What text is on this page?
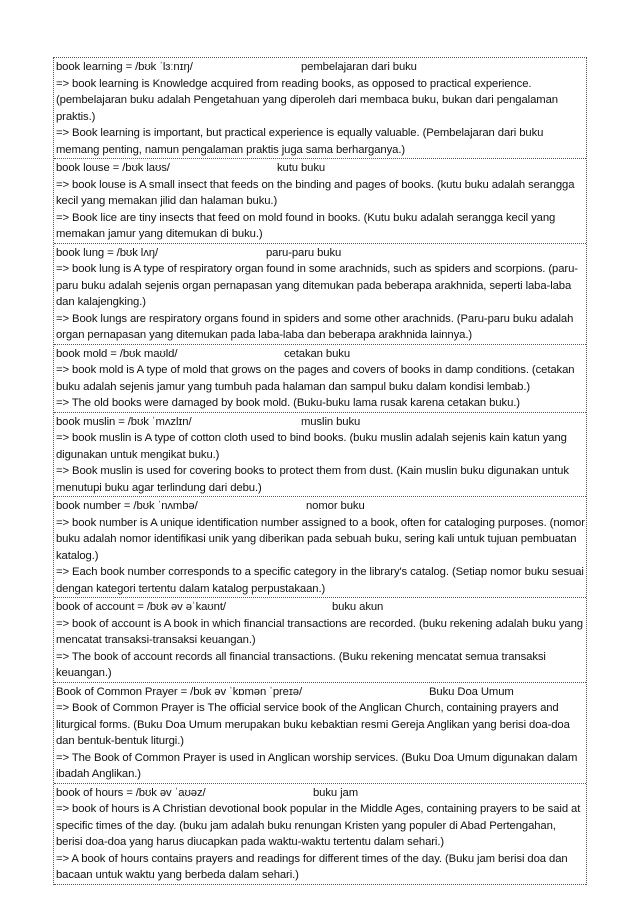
book learning = /bʊk ˈlɜːnɪŋ/	pembelajaran dari buku
=> book learning is Knowledge acquired from reading books, as opposed to practical experience. (pembelajaran buku adalah Pengetahuan yang diperoleh dari membaca buku, bukan dari pengalaman praktis.)
=> Book learning is important, but practical experience is equally valuable. (Pembelajaran dari buku memang penting, namun pengalaman praktis juga sama berharganya.)
book louse = /bʊk laʊs/	kutu buku
=> book louse is A small insect that feeds on the binding and pages of books. (kutu buku adalah serangga kecil yang memakan jilid dan halaman buku.)
=> Book lice are tiny insects that feed on mold found in books. (Kutu buku adalah serangga kecil yang memakan jamur yang ditemukan di buku.)
book lung = /bʊk lʌŋ/	paru-paru buku
=> book lung is A type of respiratory organ found in some arachnids, such as spiders and scorpions. (paru-paru buku adalah sejenis organ pernapasan yang ditemukan pada beberapa arakhnida, seperti laba-laba dan kalajengking.)
=> Book lungs are respiratory organs found in spiders and some other arachnids. (Paru-paru buku adalah organ pernapasan yang ditemukan pada laba-laba dan beberapa arakhnida lainnya.)
book mold = /bʊk maʊld/	cetakan buku
=> book mold is A type of mold that grows on the pages and covers of books in damp conditions. (cetakan buku adalah sejenis jamur yang tumbuh pada halaman dan sampul buku dalam kondisi lembab.)
=> The old books were damaged by book mold. (Buku-buku lama rusak karena cetakan buku.)
book muslin = /bʊk ˈmʌzlɪn/	muslin buku
=> book muslin is A type of cotton cloth used to bind books. (buku muslin adalah sejenis kain katun yang digunakan untuk mengikat buku.)
=> Book muslin is used for covering books to protect them from dust. (Kain muslin buku digunakan untuk menutupi buku agar terlindung dari debu.)
book number = /bʊk ˈnʌmbə/	nomor buku
=> book number is A unique identification number assigned to a book, often for cataloging purposes. (nomor buku adalah nomor identifikasi unik yang diberikan pada sebuah buku, sering kali untuk tujuan pembuatan katalog.)
=> Each book number corresponds to a specific category in the library's catalog. (Setiap nomor buku sesuai dengan kategori tertentu dalam katalog perpustakaan.)
book of account = /bʊk əv əˈkaʊnt/	buku akun
=> book of account is A book in which financial transactions are recorded. (buku rekening adalah buku yang mencatat transaksi-transaksi keuangan.)
=> The book of account records all financial transactions. (Buku rekening mencatat semua transaksi keuangan.)
Book of Common Prayer = /bʊk əv ˈkɒmən ˈpreɪə/	Buku Doa Umum
=> Book of Common Prayer is The official service book of the Anglican Church, containing prayers and liturgical forms. (Buku Doa Umum merupakan buku kebaktian resmi Gereja Anglikan yang berisi doa-doa dan bentuk-bentuk liturgi.)
=> The Book of Common Prayer is used in Anglican worship services. (Buku Doa Umum digunakan dalam ibadah Anglikan.)
book of hours = /bʊk əv ˈaʊəz/	buku jam
=> book of hours is A Christian devotional book popular in the Middle Ages, containing prayers to be said at specific times of the day. (buku jam adalah buku renungan Kristen yang populer di Abad Pertengahan, berisi doa-doa yang harus diucapkan pada waktu-waktu tertentu dalam sehari.)
=> A book of hours contains prayers and readings for different times of the day. (Buku jam berisi doa dan bacaan untuk waktu yang berbeda dalam sehari.)
